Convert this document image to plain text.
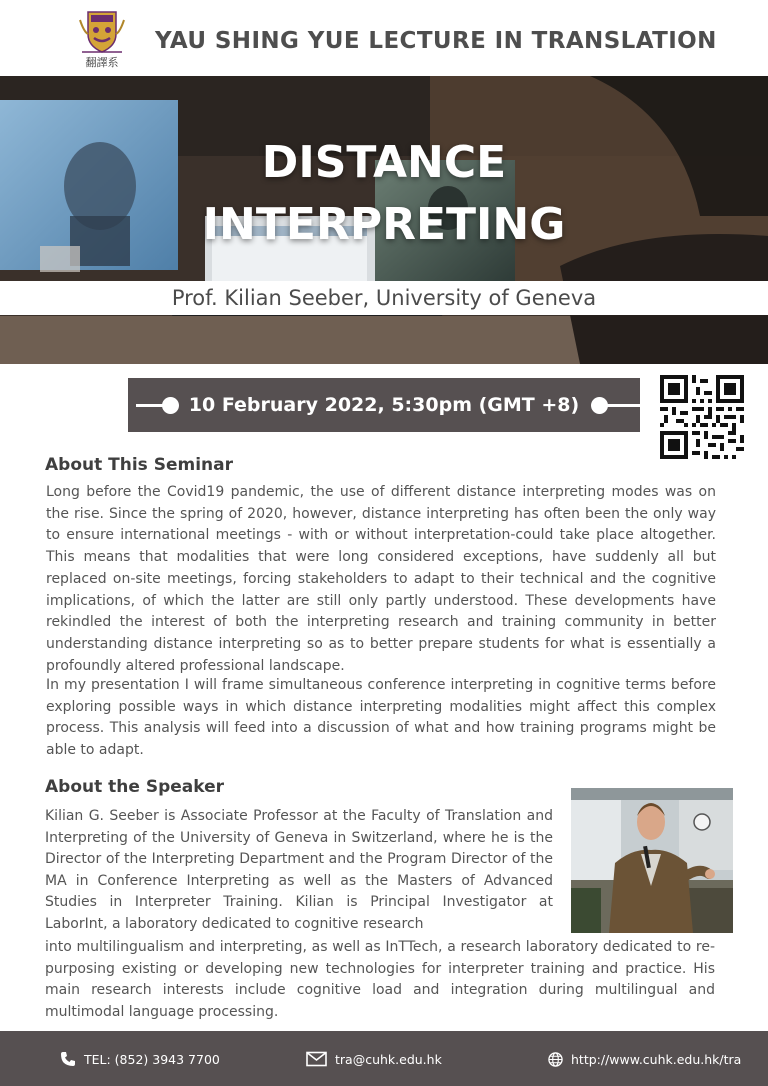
翻譯系
YAU SHING YUE LECTURE IN TRANSLATION
DISTANCE
INTERPRETING
Prof. Kilian Seeber, University of Geneva
10 February 2022, 5:30pm (GMT +8)
About This Seminar
Long before the Covid19 pandemic, the use of different distance interpreting modes was on the rise. Since the spring of 2020, however, distance interpreting has often been the only way to ensure international meetings - with or without interpretation-could take place altogether. This means that modalities that were long considered exceptions, have suddenly all but replaced on-site meetings, forcing stakeholders to adapt to their technical and the cognitive implications, of which the latter are still only partly understood. These developments have rekindled the interest of both the interpreting research and training community in better understanding distance interpreting so as to better prepare students for what is essentially a profoundly altered professional landscape.
In my presentation I will frame simultaneous conference interpreting in cognitive terms before exploring possible ways in which distance interpreting modalities might affect this complex process. This analysis will feed into a discussion of what and how training programs might be able to adapt.
About the Speaker
Kilian G. Seeber is Associate Professor at the Faculty of Translation and Interpreting of the University of Geneva in Switzerland, where he is the Director of the Interpreting Department and the Program Director of the MA in Conference Interpreting as well as the Masters of Advanced Studies in Interpreter Training. Kilian is Principal Investigator at LaborInt, a laboratory dedicated to cognitive research
into multilingualism and interpreting, as well as InTTech, a research laboratory dedicated to re-purposing existing or developing new technologies for interpreter training and practice. His main research interests include cognitive load and integration during multilingual and multimodal language processing.
TEL: (852) 3943 7700	tra@cuhk.edu.hk	http://www.cuhk.edu.hk/tra
